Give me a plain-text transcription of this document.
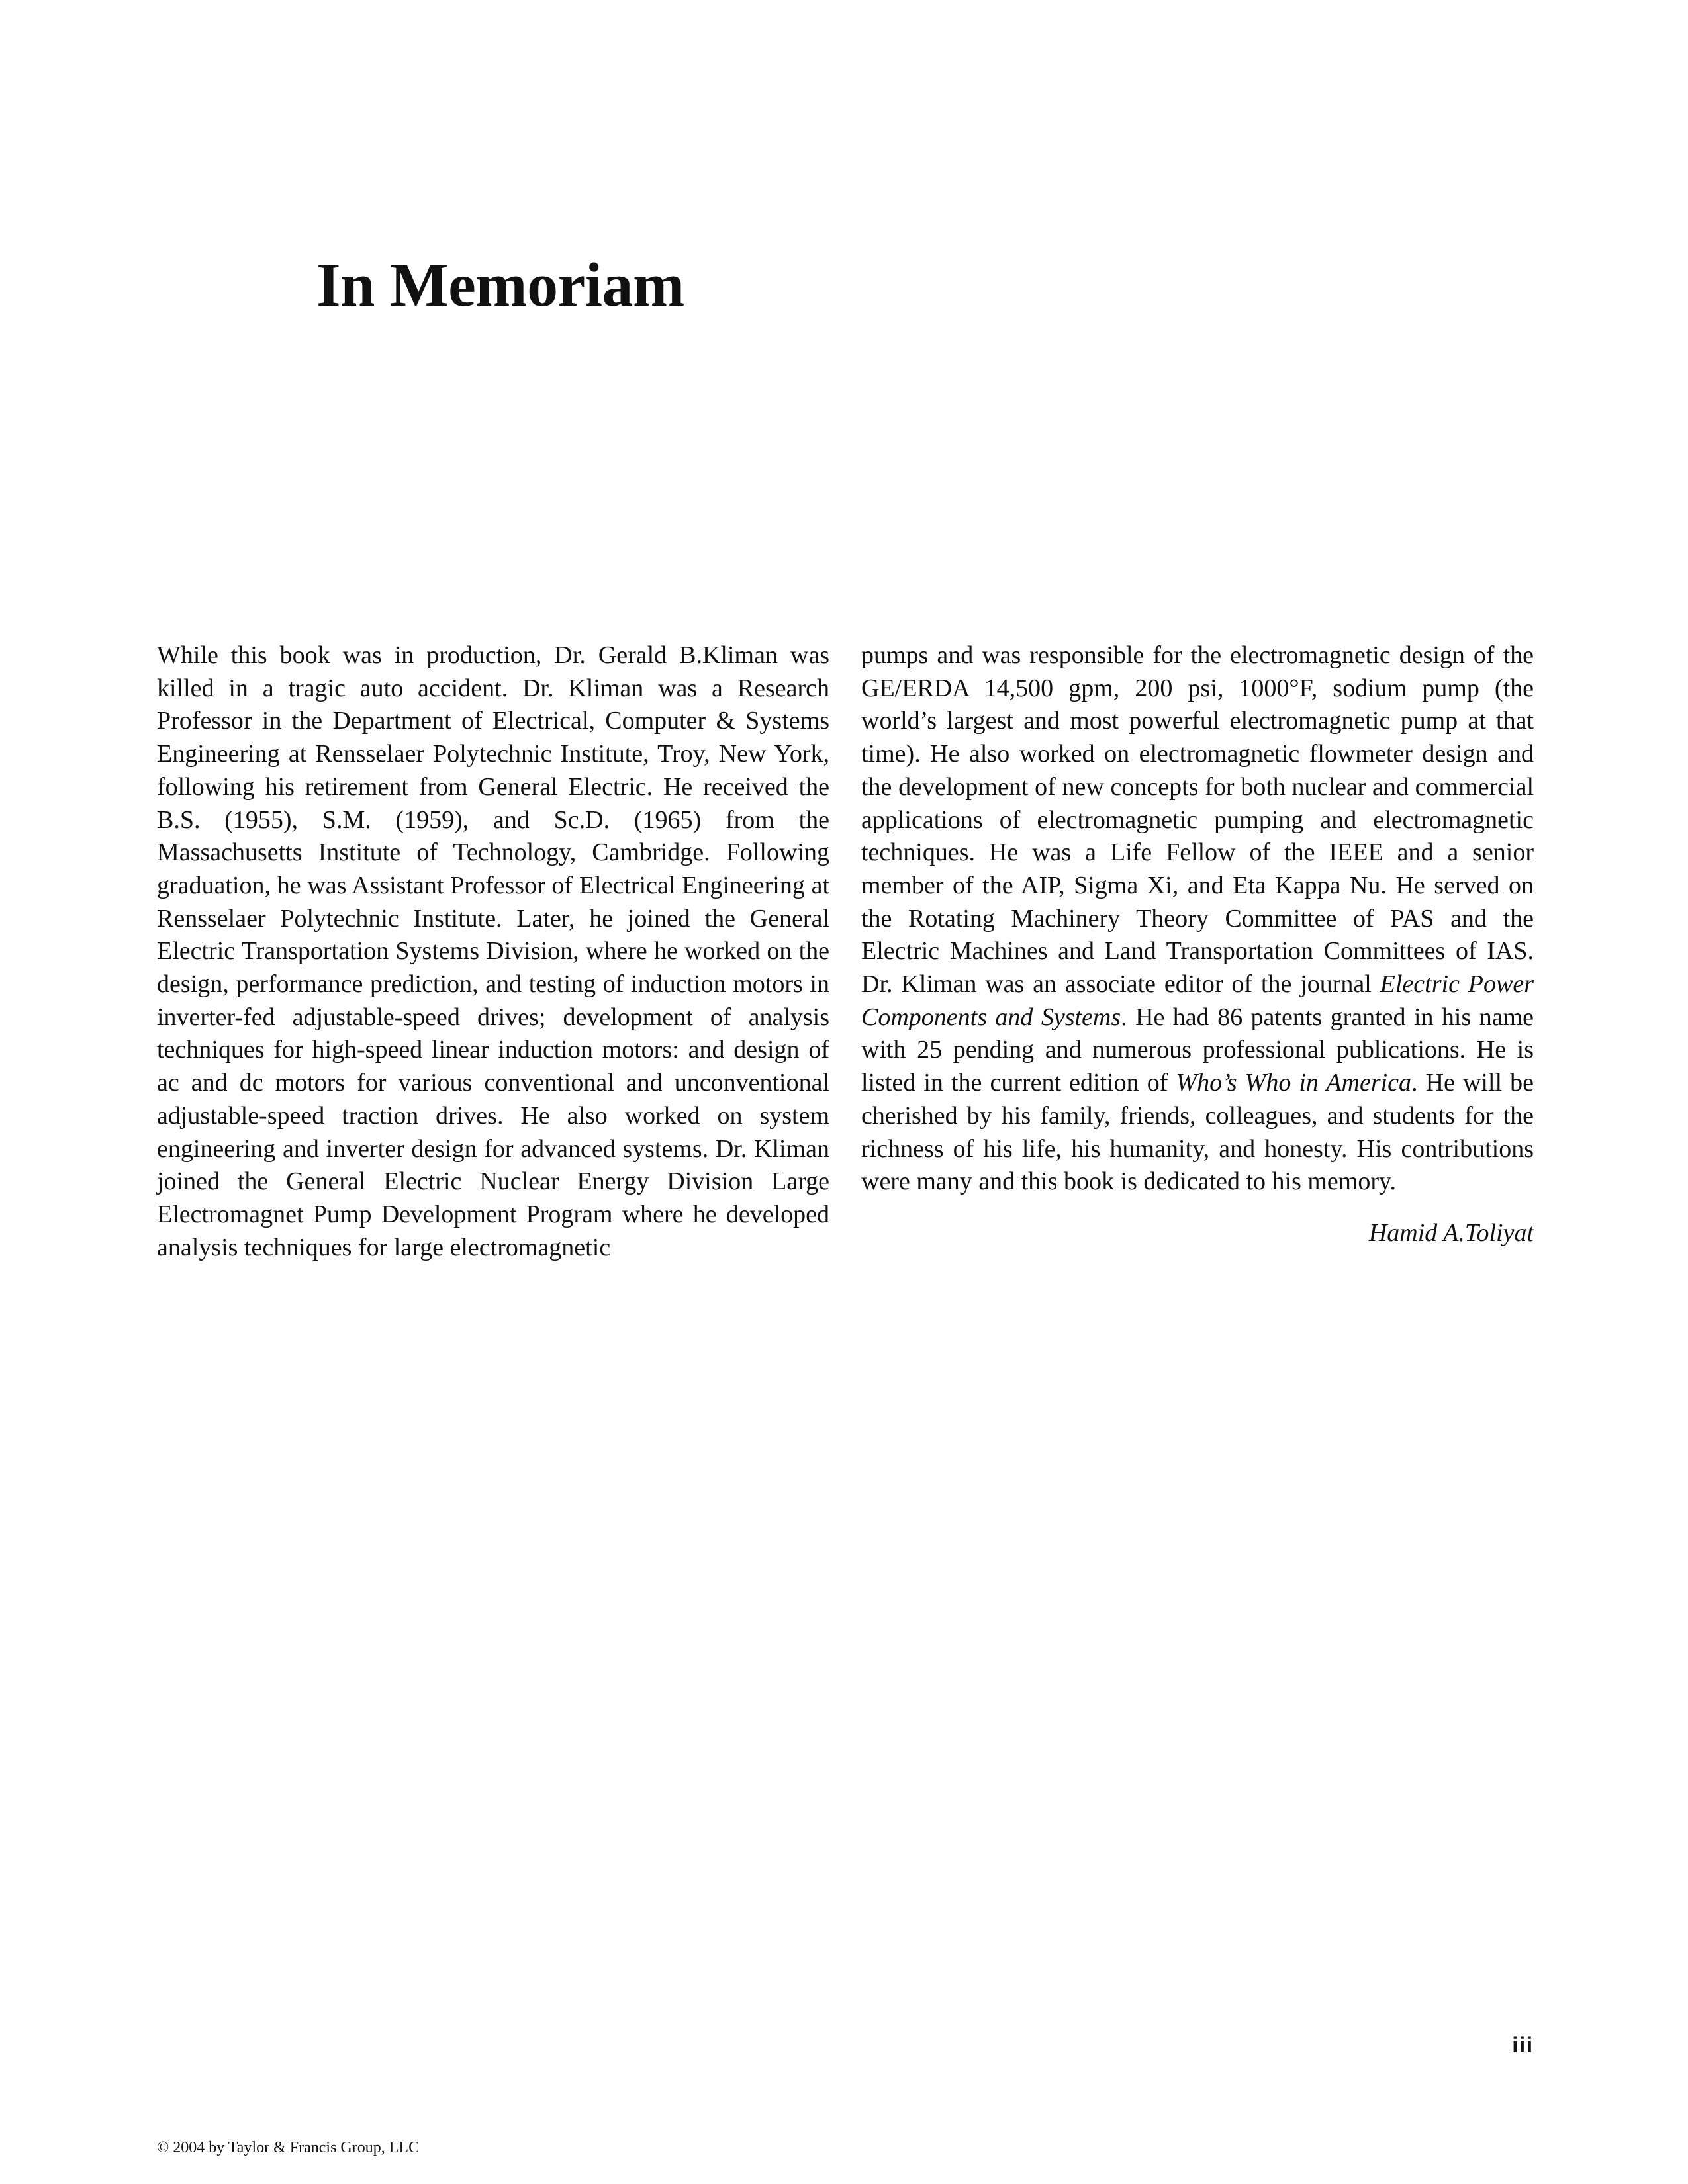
In Memoriam

While this book was in production, Dr. Gerald B.Kliman was killed in a tragic auto accident. Dr. Kliman was a Research Professor in the Department of Electrical, Computer & Systems Engineering at Rensselaer Polytechnic Institute, Troy, New York, following his retirement from General Electric. He received the B.S. (1955), S.M. (1959), and Sc.D. (1965) from the Massachusetts Institute of Technology, Cambridge. Following graduation, he was Assistant Professor of Electrical Engineering at Rensselaer Polytechnic Institute. Later, he joined the General Electric Transportation Systems Division, where he worked on the design, performance prediction, and testing of induction motors in inverter-fed adjustable-speed drives; development of analysis techniques for high-speed linear induction motors: and design of ac and dc motors for various conventional and unconventional adjustable-speed traction drives. He also worked on system engineering and inverter design for advanced systems. Dr. Kliman joined the General Electric Nuclear Energy Division Large Electromagnet Pump Development Program where he developed analysis techniques for large electromagnetic

pumps and was responsible for the electromagnetic design of the GE/ERDA 14,500 gpm, 200 psi, 1000°F, sodium pump (the world’s largest and most powerful electromagnetic pump at that time). He also worked on electromagnetic flowmeter design and the development of new concepts for both nuclear and commercial applications of electromagnetic pumping and electromagnetic techniques. He was a Life Fellow of the IEEE and a senior member of the AIP, Sigma Xi, and Eta Kappa Nu. He served on the Rotating Machinery Theory Committee of PAS and the Electric Machines and Land Transportation Committees of IAS. Dr. Kliman was an associate editor of the journal Electric Power Components and Systems. He had 86 patents granted in his name with 25 pending and numerous professional publications. He is listed in the current edition of Who’s Who in America. He will be cherished by his family, friends, colleagues, and students for the richness of his life, his humanity, and honesty. His contributions were many and this book is dedicated to his memory.

Hamid A.Toliyat
iii
© 2004 by Taylor & Francis Group, LLC
